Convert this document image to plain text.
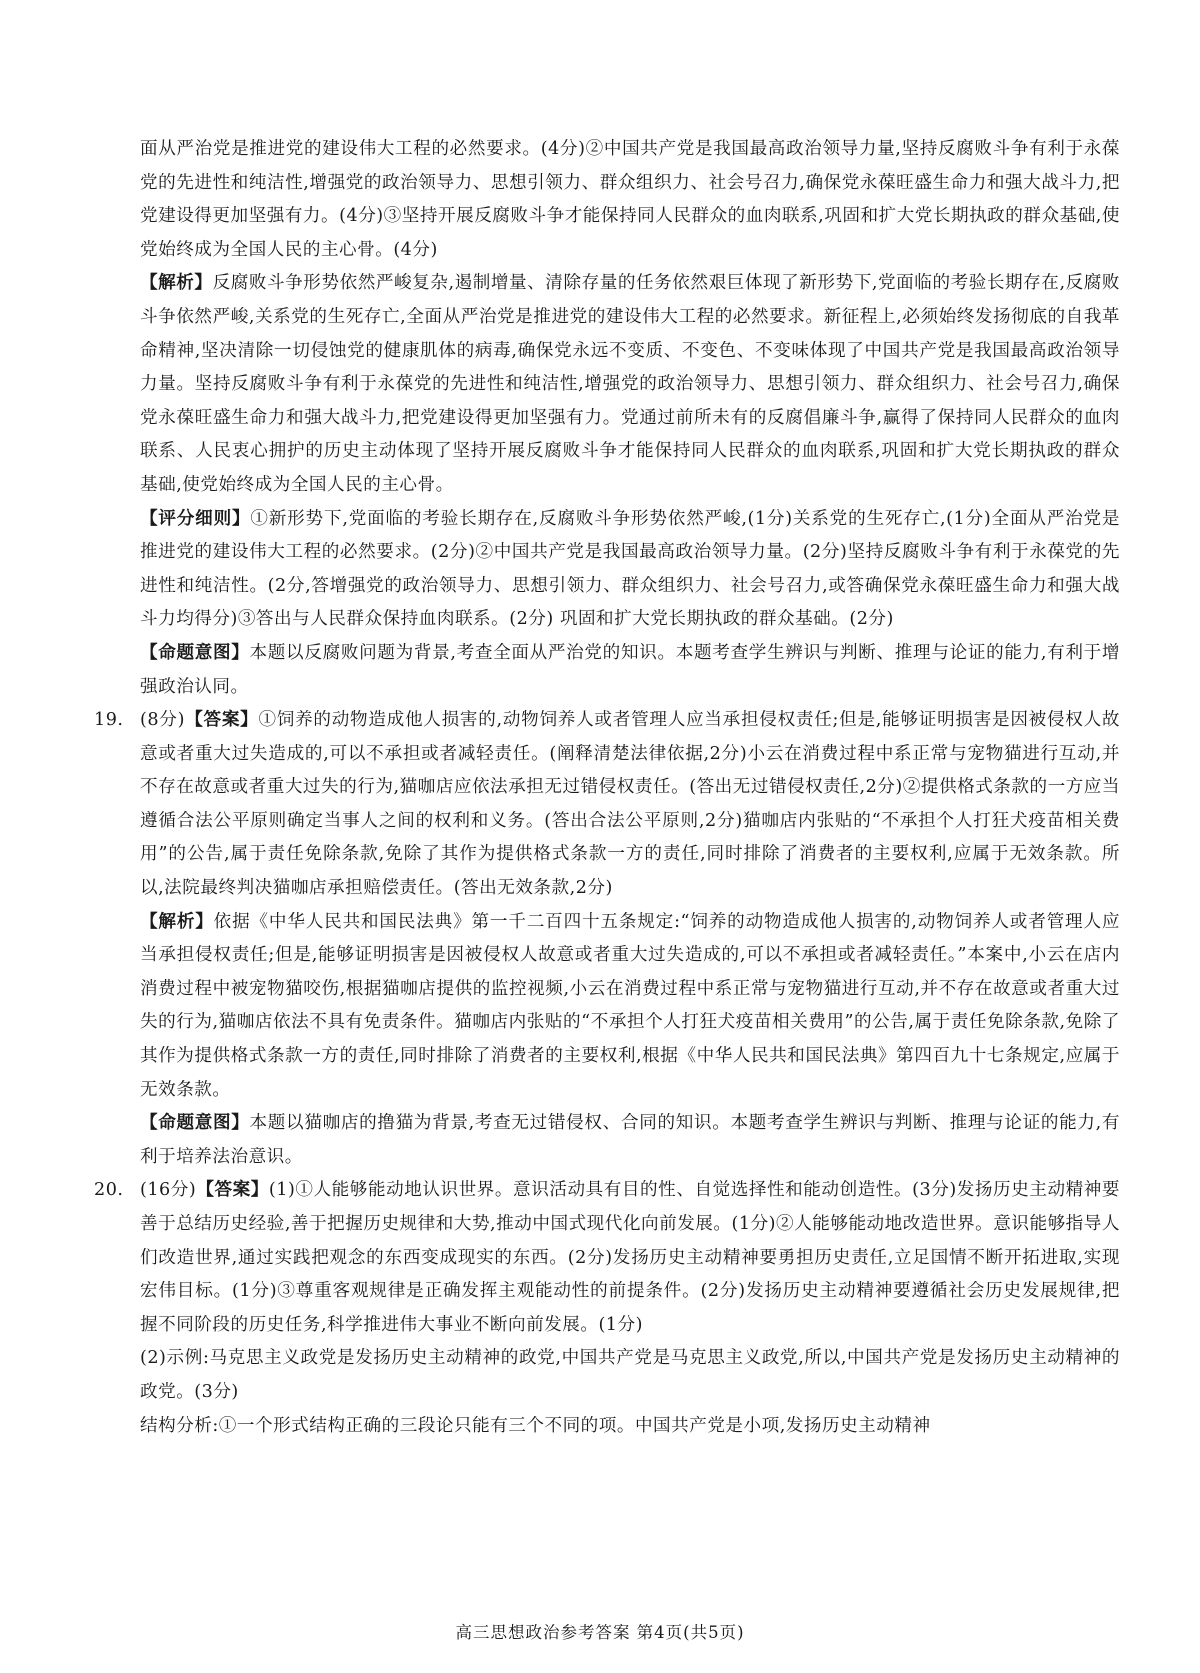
面从严治党是推进党的建设伟大工程的必然要求。(4分)②中国共产党是我国最高政治领导力量,坚持反腐败斗争有利于永葆党的先进性和纯洁性,增强党的政治领导力、思想引领力、群众组织力、社会号召力,确保党永葆旺盛生命力和强大战斗力,把党建设得更加坚强有力。(4分)③坚持开展反腐败斗争才能保持同人民群众的血肉联系,巩固和扩大党长期执政的群众基础,使党始终成为全国人民的主心骨。(4分)

【解析】反腐败斗争形势依然严峻复杂,遏制增量、清除存量的任务依然艰巨体现了新形势下,党面临的考验长期存在,反腐败斗争依然严峻,关系党的生死存亡,全面从严治党是推进党的建设伟大工程的必然要求。新征程上,必须始终发扬彻底的自我革命精神,坚决清除一切侵蚀党的健康肌体的病毒,确保党永远不变质、不变色、不变味体现了中国共产党是我国最高政治领导力量。坚持反腐败斗争有利于永葆党的先进性和纯洁性,增强党的政治领导力、思想引领力、群众组织力、社会号召力,确保党永葆旺盛生命力和强大战斗力,把党建设得更加坚强有力。党通过前所未有的反腐倡廉斗争,赢得了保持同人民群众的血肉联系、人民衷心拥护的历史主动体现了坚持开展反腐败斗争才能保持同人民群众的血肉联系,巩固和扩大党长期执政的群众基础,使党始终成为全国人民的主心骨。

【评分细则】①新形势下,党面临的考验长期存在,反腐败斗争形势依然严峻,(1分)关系党的生死存亡,(1分)全面从严治党是推进党的建设伟大工程的必然要求。(2分)②中国共产党是我国最高政治领导力量。(2分)坚持反腐败斗争有利于永葆党的先进性和纯洁性。(2分,答增强党的政治领导力、思想引领力、群众组织力、社会号召力,或答确保党永葆旺盛生命力和强大战斗力均得分)③答出与人民群众保持血肉联系。(2分) 巩固和扩大党长期执政的群众基础。(2分)

【命题意图】本题以反腐败问题为背景,考查全面从严治党的知识。本题考查学生辨识与判断、推理与论证的能力,有利于增强政治认同。

19. (8分)【答案】①饲养的动物造成他人损害的,动物饲养人或者管理人应当承担侵权责任;但是,能够证明损害是因被侵权人故意或者重大过失造成的,可以不承担或者减轻责任。(阐释清楚法律依据,2分)小云在消费过程中系正常与宠物猫进行互动,并不存在故意或者重大过失的行为,猫咖店应依法承担无过错侵权责任。(答出无过错侵权责任,2分)②提供格式条款的一方应当遵循合法公平原则确定当事人之间的权利和义务。(答出合法公平原则,2分)猫咖店内张贴的“不承担个人打狂犬疫苗相关费用”的公告,属于责任免除条款,免除了其作为提供格式条款一方的责任,同时排除了消费者的主要权利,应属于无效条款。所以,法院最终判决猫咖店承担赔偿责任。(答出无效条款,2分)

【解析】依据《中华人民共和国民法典》第一千二百四十五条规定:“饲养的动物造成他人损害的,动物饲养人或者管理人应当承担侵权责任;但是,能够证明损害是因被侵权人故意或者重大过失造成的,可以不承担或者减轻责任。”本案中,小云在店内消费过程中被宠物猫咬伤,根据猫咖店提供的监控视频,小云在消费过程中系正常与宠物猫进行互动,并不存在故意或者重大过失的行为,猫咖店依法不具有免责条件。猫咖店内张贴的“不承担个人打狂犬疫苗相关费用”的公告,属于责任免除条款,免除了其作为提供格式条款一方的责任,同时排除了消费者的主要权利,根据《中华人民共和国民法典》第四百九十七条规定,应属于无效条款。

【命题意图】本题以猫咖店的撸猫为背景,考查无过错侵权、合同的知识。本题考查学生辨识与判断、推理与论证的能力,有利于培养法治意识。

20. (16分)【答案】(1)①人能够能动地认识世界。意识活动具有目的性、自觉选择性和能动创造性。(3分)发扬历史主动精神要善于总结历史经验,善于把握历史规律和大势,推动中国式现代化向前发展。(1分)②人能够能动地改造世界。意识能够指导人们改造世界,通过实践把观念的东西变成现实的东西。(2分)发扬历史主动精神要勇担历史责任,立足国情不断开拓进取,实现宏伟目标。(1分)③尊重客观规律是正确发挥主观能动性的前提条件。(2分)发扬历史主动精神要遵循社会历史发展规律,把握不同阶段的历史任务,科学推进伟大事业不断向前发展。(1分)

(2)示例:马克思主义政党是发扬历史主动精神的政党,中国共产党是马克思主义政党,所以,中国共产党是发扬历史主动精神的政党。(3分)

结构分析:①一个形式结构正确的三段论只能有三个不同的项。中国共产党是小项,发扬历史主动精神

高三思想政治参考答案 第4页(共5页)
